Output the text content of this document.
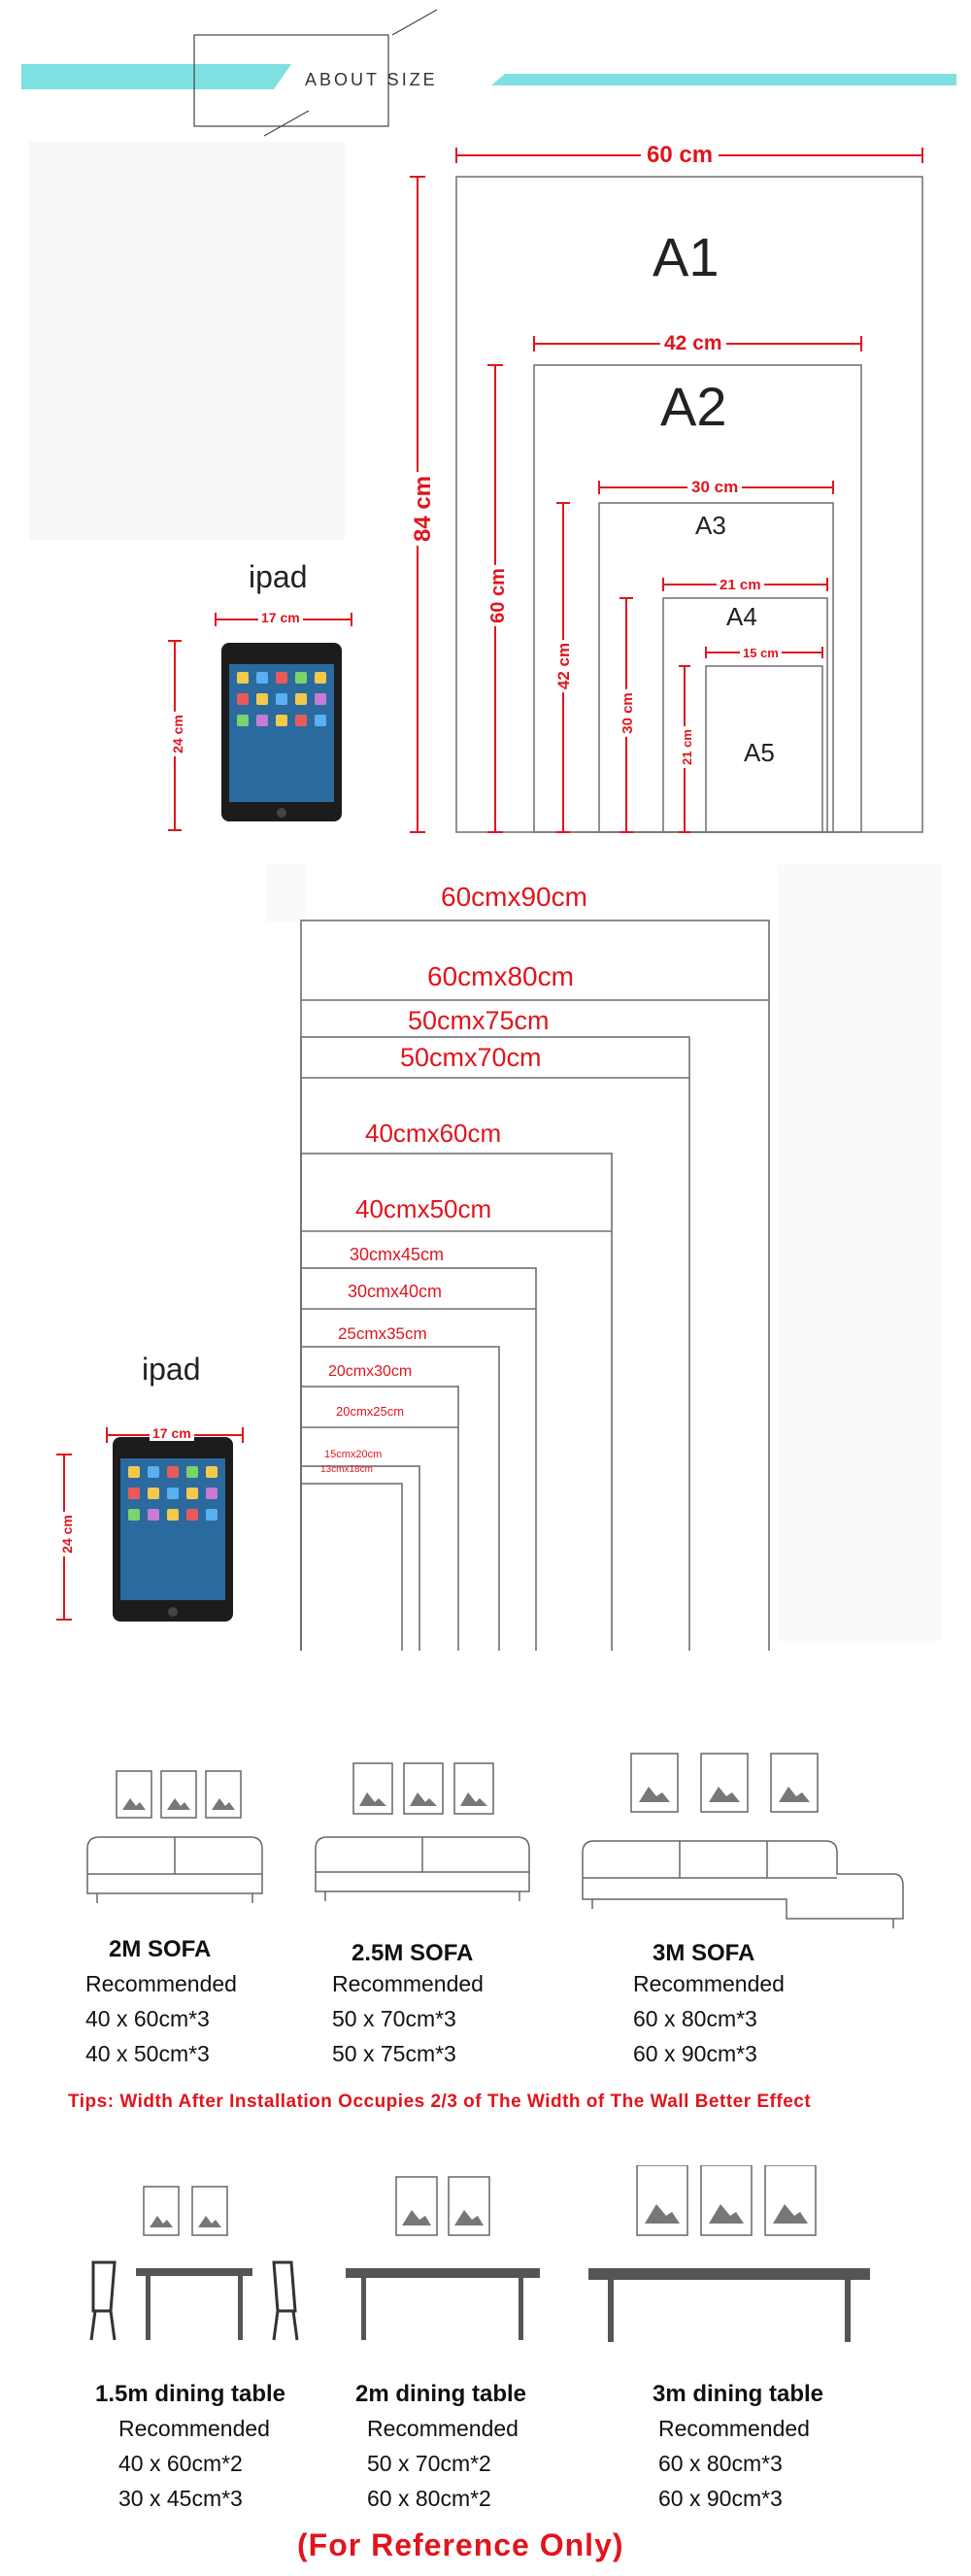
ABOUT SIZE
60 cm
A1
42 cm
A2
30 cm
A3
21 cm
A4
15 cm
A5
84 cm
60 cm
42 cm
30 cm
21 cm
ipad
17 cm
24 cm
60cmx90cm
60cmx80cm
50cmx75cm
50cmx70cm
40cmx60cm
40cmx50cm
30cmx45cm
30cmx40cm
25cmx35cm
20cmx30cm
20cmx25cm
15cmx20cm
13cmx18cm
ipad
17 cm
24 cm
2M SOFA
Recommended
40 x 60cm*3
40 x 50cm*3
2.5M SOFA
Recommended
50 x 70cm*3
50 x 75cm*3
3M SOFA
Recommended
60 x 80cm*3
60 x 90cm*3
Tips: Width After Installation Occupies 2/3 of The Width of The Wall Better Effect
1.5m dining table
Recommended
40 x 60cm*2
30 x 45cm*3
2m dining table
Recommended
50 x 70cm*2
60 x 80cm*2
3m dining table
Recommended
60 x 80cm*3
60 x 90cm*3
(For Reference Only)
